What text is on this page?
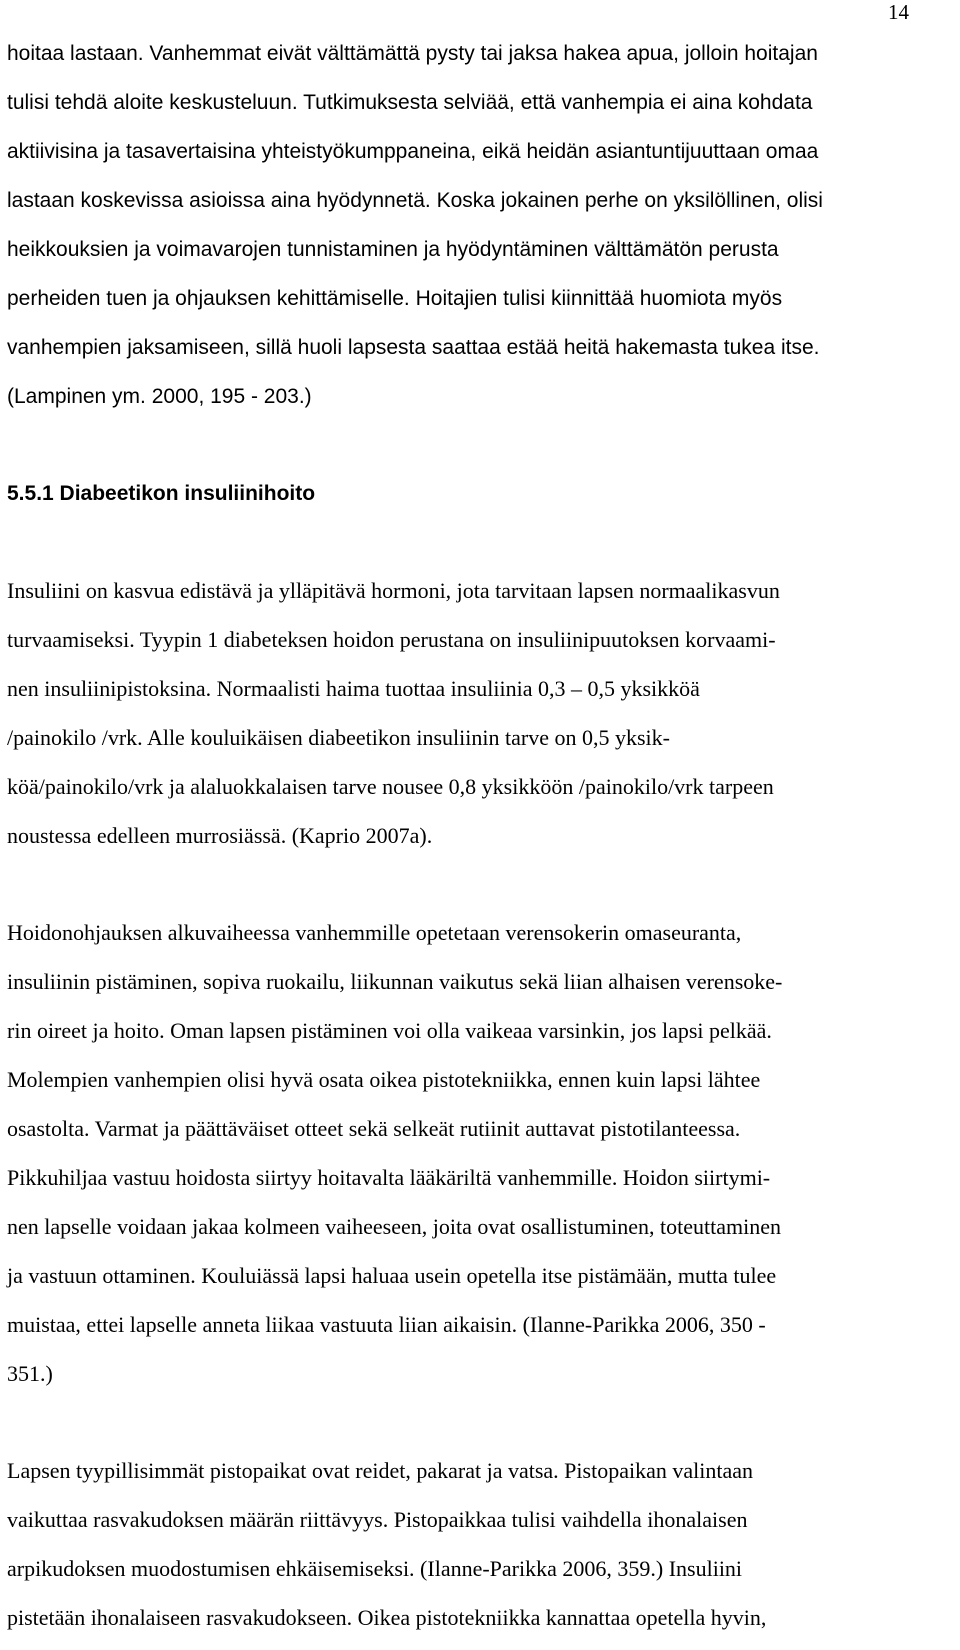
14
hoitaa lastaan. Vanhemmat eivät välttämättä pysty tai jaksa hakea apua, jolloin hoitajan
tulisi tehdä aloite keskusteluun. Tutkimuksesta selviää, että vanhempia ei aina kohdata
aktiivisina ja tasavertaisina yhteistyökumppaneina, eikä heidän asiantuntijuuttaan omaa
lastaan koskevissa asioissa aina hyödynnetä. Koska jokainen perhe on yksilöllinen, olisi
heikkouksien ja voimavarojen tunnistaminen ja hyödyntäminen välttämätön perusta
perheiden tuen ja ohjauksen kehittämiselle. Hoitajien tulisi kiinnittää huomiota myös
vanhempien jaksamiseen, sillä huoli lapsesta saattaa estää heitä hakemasta tukea itse.
(Lampinen ym. 2000, 195 - 203.)
5.5.1 Diabeetikon insuliinihoito
Insuliini on kasvua edistävä ja ylläpitävä hormoni, jota tarvitaan lapsen normaalikasvun
turvaamiseksi. Tyypin 1 diabeteksen hoidon perustana on insuliinipuutoksen korvaami-
nen insuliinipistoksina. Normaalisti haima tuottaa insuliinia 0,3 – 0,5 yksikköä
/painokilo /vrk. Alle kouluikäisen diabeetikon insuliinin tarve on 0,5 yksik-
köä/painokilo/vrk ja alaluokkalaisen tarve nousee 0,8 yksikköön /painokilo/vrk tarpeen
noustessa edelleen murrosiässä. (Kaprio 2007a).
Hoidonohjauksen alkuvaiheessa vanhemmille opetetaan verensokerin omaseuranta,
insuliinin pistäminen, sopiva ruokailu, liikunnan vaikutus sekä liian alhaisen verensoke-
rin oireet ja hoito. Oman lapsen pistäminen voi olla vaikeaa varsinkin, jos lapsi pelkää.
Molempien vanhempien olisi hyvä osata oikea pistotekniikka, ennen kuin lapsi lähtee
osastolta. Varmat ja päättäväiset otteet sekä selkeät rutiinit auttavat pistotilanteessa.
Pikkuhiljaa vastuu hoidosta siirtyy hoitavalta lääkäriltä vanhemmille. Hoidon siirtymi-
nen lapselle voidaan jakaa kolmeen vaiheeseen, joita ovat osallistuminen, toteuttaminen
ja vastuun ottaminen. Kouluiässä lapsi haluaa usein opetella itse pistämään, mutta tulee
muistaa, ettei lapselle anneta liikaa vastuuta liian aikaisin. (Ilanne-Parikka 2006, 350 -
351.)
Lapsen tyypillisimmät pistopaikat ovat reidet, pakarat ja vatsa. Pistopaikan valintaan
vaikuttaa rasvakudoksen määrän riittävyys. Pistopaikkaa tulisi vaihdella ihonalaisen
arpikudoksen muodostumisen ehkäisemiseksi. (Ilanne-Parikka 2006, 359.) Insuliini
pistetään ihonalaiseen rasvakudokseen. Oikea pistotekniikka kannattaa opetella hyvin,
